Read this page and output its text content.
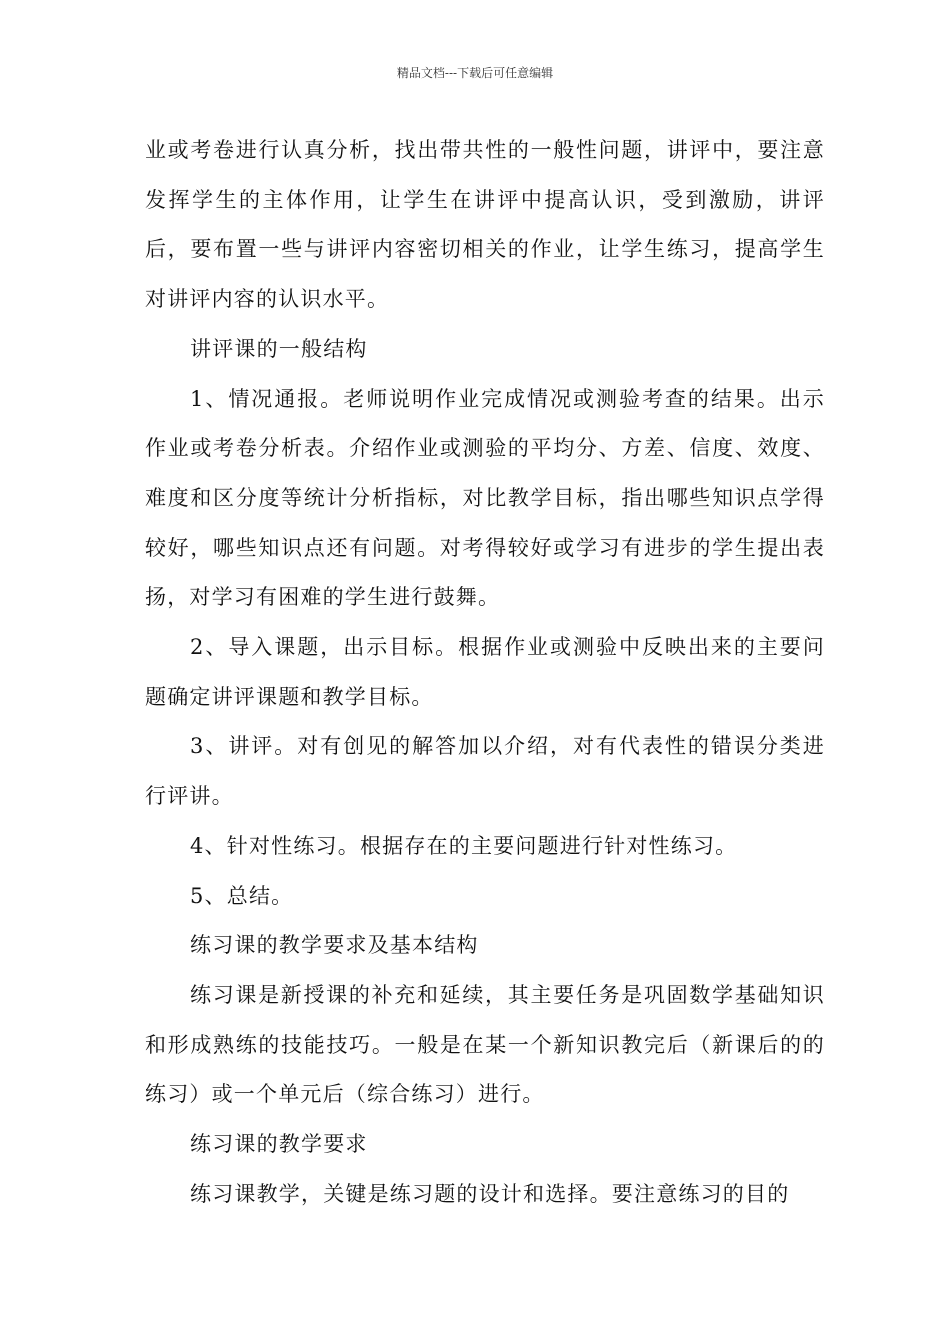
精品文档---下载后可任意编辑

业或考卷进行认真分析，找出带共性的一般性问题，讲评中，要注意发挥学生的主体作用，让学生在讲评中提高认识，受到激励，讲评后，要布置一些与讲评内容密切相关的作业，让学生练习，提高学生对讲评内容的认识水平。

讲评课的一般结构

1、情况通报。老师说明作业完成情况或测验考查的结果。出示作业或考卷分析表。介绍作业或测验的平均分、方差、信度、效度、难度和区分度等统计分析指标，对比教学目标，指出哪些知识点学得较好，哪些知识点还有问题。对考得较好或学习有进步的学生提出表扬，对学习有困难的学生进行鼓舞。

2、导入课题，出示目标。根据作业或测验中反映出来的主要问题确定讲评课题和教学目标。

3、讲评。对有创见的解答加以介绍，对有代表性的错误分类进行评讲。

4、针对性练习。根据存在的主要问题进行针对性练习。

5、总结。

练习课的教学要求及基本结构

练习课是新授课的补充和延续，其主要任务是巩固数学基础知识和形成熟练的技能技巧。一般是在某一个新知识教完后（新课后的的练习）或一个单元后（综合练习）进行。

练习课的教学要求

练习课教学，关键是练习题的设计和选择。要注意练习的目的
